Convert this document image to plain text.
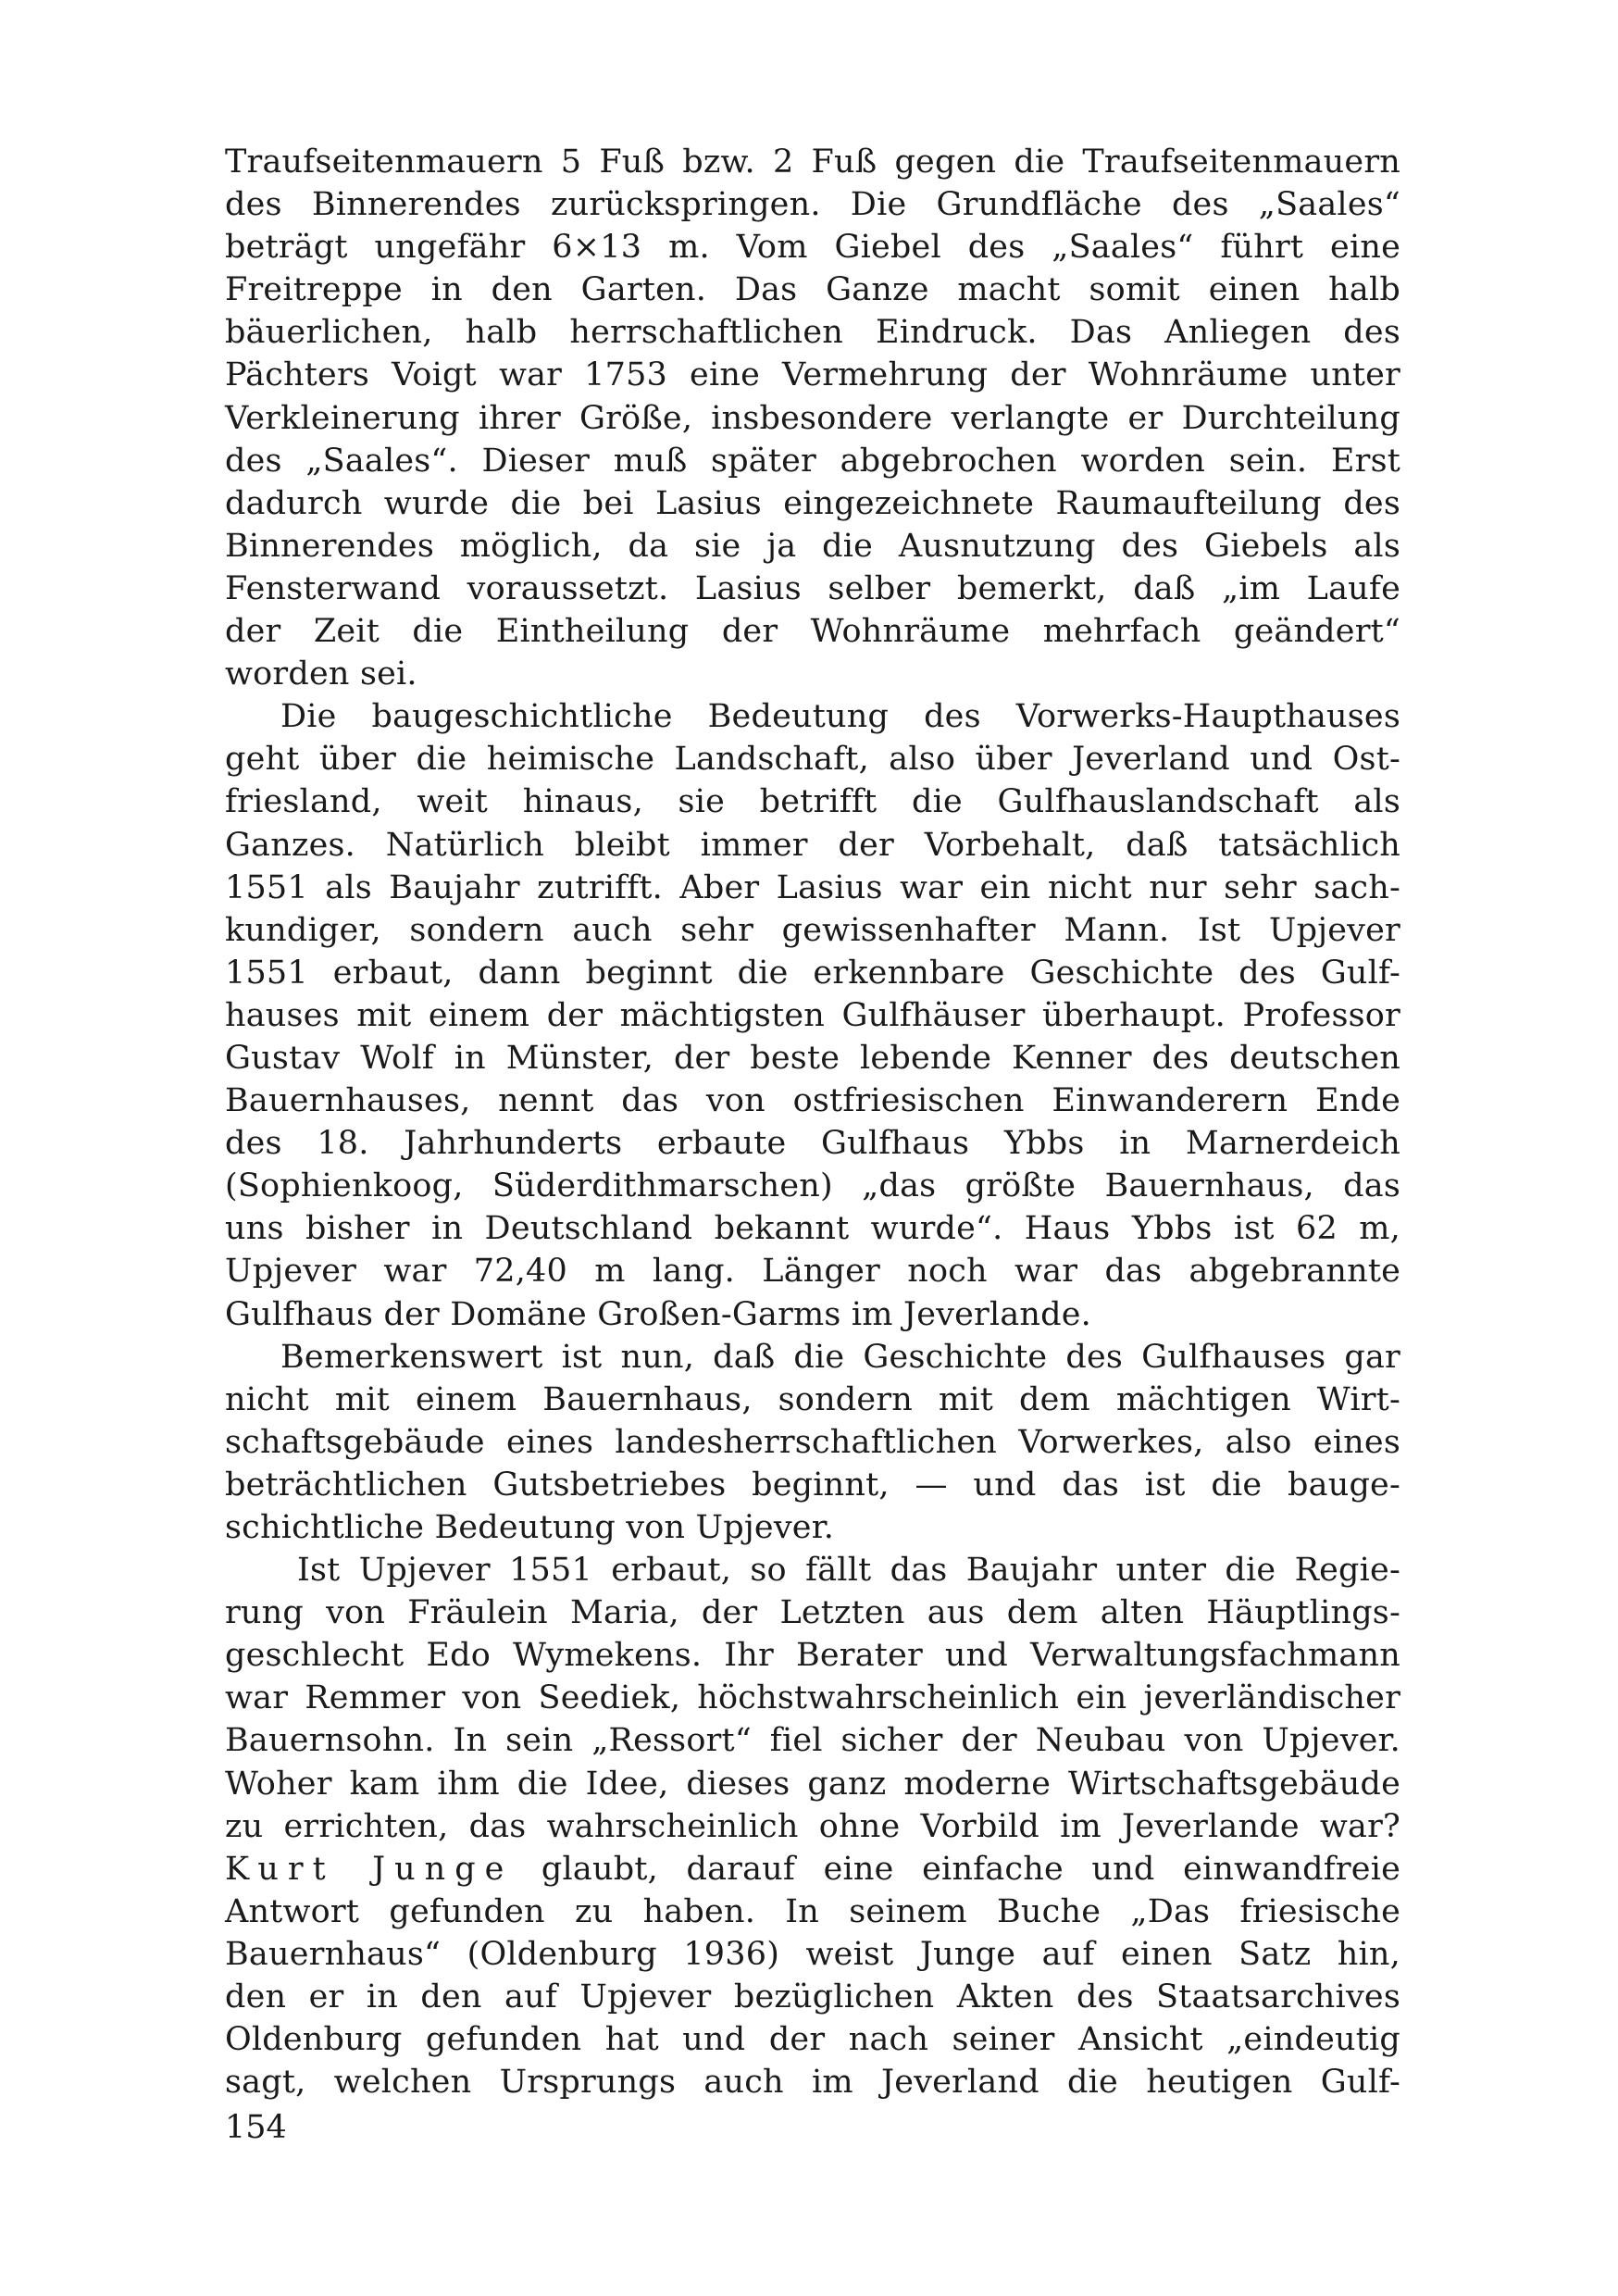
Traufseitenmauern 5 Fuß bzw. 2 Fuß gegen die Traufseitenmauern
des Binnerendes zurückspringen. Die Grundfläche des „Saales“
beträgt ungefähr 6×13 m. Vom Giebel des „Saales“ führt eine
Freitreppe in den Garten. Das Ganze macht somit einen halb
bäuerlichen, halb herrschaftlichen Eindruck. Das Anliegen des
Pächters Voigt war 1753 eine Vermehrung der Wohnräume unter
Verkleinerung ihrer Größe, insbesondere verlangte er Durchteilung
des „Saales“. Dieser muß später abgebrochen worden sein. Erst
dadurch wurde die bei Lasius eingezeichnete Raumaufteilung des
Binnerendes möglich, da sie ja die Ausnutzung des Giebels als
Fensterwand voraussetzt. Lasius selber bemerkt, daß „im Laufe
der Zeit die Eintheilung der Wohnräume mehrfach geändert“
worden sei.
Die baugeschichtliche Bedeutung des Vorwerks-Haupthauses
geht über die heimische Landschaft, also über Jeverland und Ost-
friesland, weit hinaus, sie betrifft die Gulfhauslandschaft als
Ganzes. Natürlich bleibt immer der Vorbehalt, daß tatsächlich
1551 als Baujahr zutrifft. Aber Lasius war ein nicht nur sehr sach-
kundiger, sondern auch sehr gewissenhafter Mann. Ist Upjever
1551 erbaut, dann beginnt die erkennbare Geschichte des Gulf-
hauses mit einem der mächtigsten Gulfhäuser überhaupt. Professor
Gustav Wolf in Münster, der beste lebende Kenner des deutschen
Bauernhauses, nennt das von ostfriesischen Einwanderern Ende
des 18. Jahrhunderts erbaute Gulfhaus Ybbs in Marnerdeich
(Sophienkoog, Süderdithmarschen) „das größte Bauernhaus, das
uns bisher in Deutschland bekannt wurde“. Haus Ybbs ist 62 m,
Upjever war 72,40 m lang. Länger noch war das abgebrannte
Gulfhaus der Domäne Großen-Garms im Jeverlande.
Bemerkenswert ist nun, daß die Geschichte des Gulfhauses gar
nicht mit einem Bauernhaus, sondern mit dem mächtigen Wirt-
schaftsgebäude eines landesherrschaftlichen Vorwerkes, also eines
beträchtlichen Gutsbetriebes beginnt, — und das ist die bauge-
schichtliche Bedeutung von Upjever.
Ist Upjever 1551 erbaut, so fällt das Baujahr unter die Regie-
rung von Fräulein Maria, der Letzten aus dem alten Häuptlings-
geschlecht Edo Wymekens. Ihr Berater und Verwaltungsfachmann
war Remmer von Seediek, höchstwahrscheinlich ein jeverländischer
Bauernsohn. In sein „Ressort“ fiel sicher der Neubau von Upjever.
Woher kam ihm die Idee, dieses ganz moderne Wirtschaftsgebäude
zu errichten, das wahrscheinlich ohne Vorbild im Jeverlande war?
Kurt Junge glaubt, darauf eine einfache und einwandfreie
Antwort gefunden zu haben. In seinem Buche „Das friesische
Bauernhaus“ (Oldenburg 1936) weist Junge auf einen Satz hin,
den er in den auf Upjever bezüglichen Akten des Staatsarchives
Oldenburg gefunden hat und der nach seiner Ansicht „eindeutig
sagt, welchen Ursprungs auch im Jeverland die heutigen Gulf-
154
